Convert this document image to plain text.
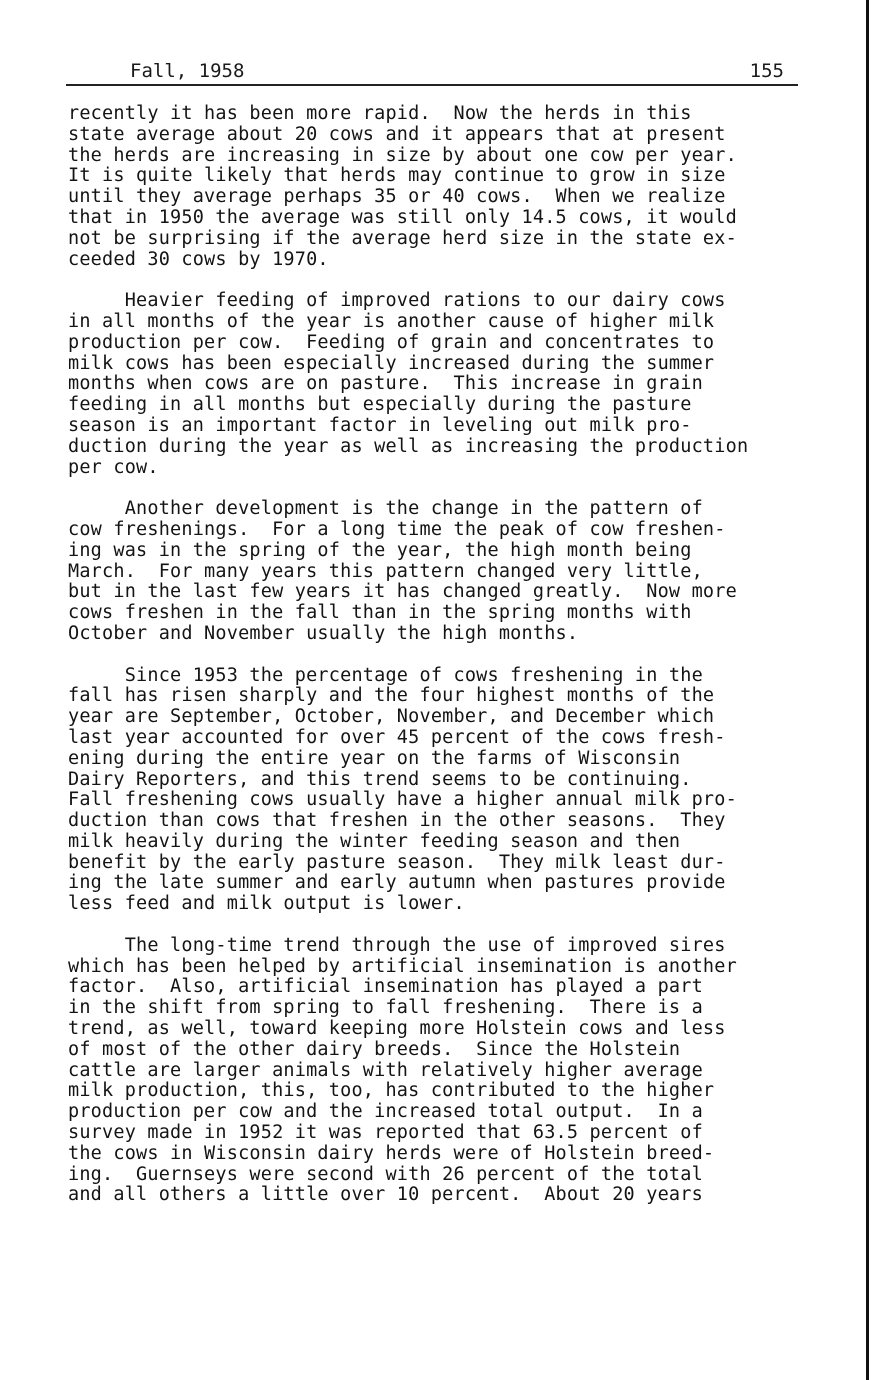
Fall, 1958	155
recently it has been more rapid.  Now the herds in this
state average about 20 cows and it appears that at present
the herds are increasing in size by about one cow per year.
It is quite likely that herds may continue to grow in size
until they average perhaps 35 or 40 cows.  When we realize
that in 1950 the average was still only 14.5 cows, it would
not be surprising if the average herd size in the state ex-
ceeded 30 cows by 1970.
Heavier feeding of improved rations to our dairy cows
in all months of the year is another cause of higher milk
production per cow.  Feeding of grain and concentrates to
milk cows has been especially increased during the summer
months when cows are on pasture.  This increase in grain
feeding in all months but especially during the pasture
season is an important factor in leveling out milk pro-
duction during the year as well as increasing the production
per cow.
Another development is the change in the pattern of
cow freshenings.  For a long time the peak of cow freshen-
ing was in the spring of the year, the high month being
March.  For many years this pattern changed very little,
but in the last few years it has changed greatly.  Now more
cows freshen in the fall than in the spring months with
October and November usually the high months.
Since 1953 the percentage of cows freshening in the
fall has risen sharply and the four highest months of the
year are September, October, November, and December which
last year accounted for over 45 percent of the cows fresh-
ening during the entire year on the farms of Wisconsin
Dairy Reporters, and this trend seems to be continuing.
Fall freshening cows usually have a higher annual milk pro-
duction than cows that freshen in the other seasons.  They
milk heavily during the winter feeding season and then
benefit by the early pasture season.  They milk least dur-
ing the late summer and early autumn when pastures provide
less feed and milk output is lower.
The long-time trend through the use of improved sires
which has been helped by artificial insemination is another
factor.  Also, artificial insemination has played a part
in the shift from spring to fall freshening.  There is a
trend, as well, toward keeping more Holstein cows and less
of most of the other dairy breeds.  Since the Holstein
cattle are larger animals with relatively higher average
milk production, this, too, has contributed to the higher
production per cow and the increased total output.  In a
survey made in 1952 it was reported that 63.5 percent of
the cows in Wisconsin dairy herds were of Holstein breed-
ing.  Guernseys were second with 26 percent of the total
and all others a little over 10 percent.  About 20 years
